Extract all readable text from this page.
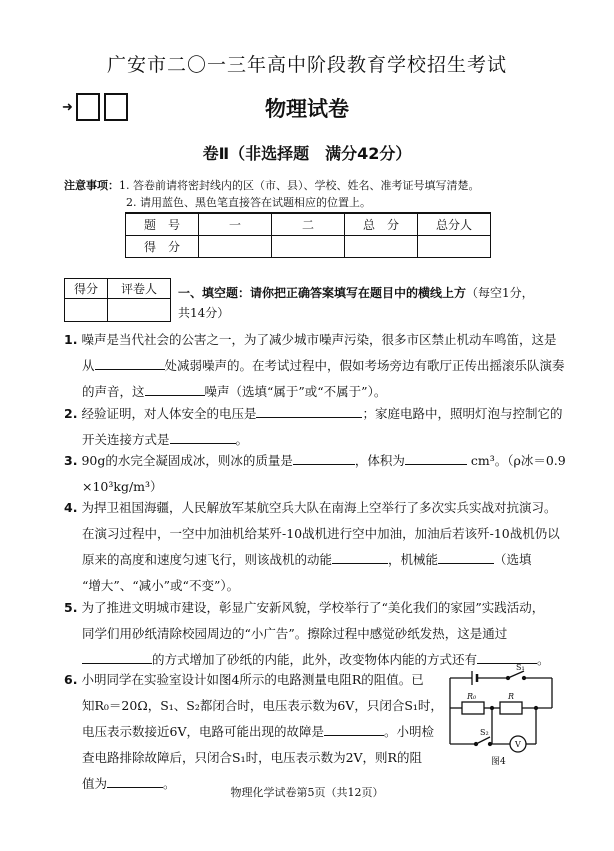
广安市二〇一三年高中阶段教育学校招生考试
➜	物理试卷
卷Ⅱ（非选择题　满分42分）
注意事项：1. 答卷前请将密封线内的区（市、县）、学校、姓名、准考证号填写清楚。
2. 请用蓝色、黑色笔直接答在试题相应的位置上。
题　号	一	二	总　分	总分人
得　分				
得分	评卷人
	一、填空题：请你把正确答案填写在题目中的横线上方（每空1分，
共14分）
1. 噪声是当代社会的公害之一，为了减少城市噪声污染，很多市区禁止机动车鸣笛，这是
从	处减弱噪声的。在考试过程中，假如考场旁边有歌厅正传出摇滚乐队演奏
的声音，这	噪声（选填“属于”或“不属于”）。
2. 经验证明，对人体安全的电压是	；家庭电路中，照明灯泡与控制它的
开关连接方式是	。
3. 90g的水完全凝固成冰，则冰的质量是	，体积为	cm³。（ρ冰＝0.9
×10³kg/m³）
4. 为捍卫祖国海疆，人民解放军某航空兵大队在南海上空举行了多次实兵实战对抗演习。
在演习过程中，一空中加油机给某歼-10战机进行空中加油，加油后若该歼-10战机仍以
原来的高度和速度匀速飞行，则该战机的动能	，机械能	（选填
“增大”、“减小”或“不变”）。
5. 为了推进文明城市建设，彰显广安新风貌，学校举行了“美化我们的家园”实践活动，
同学们用砂纸清除校园周边的“小广告”。擦除过程中感觉砂纸发热，这是通过
的方式增加了砂纸的内能，此外，改变物体内能的方式还有	。
6. 小明同学在实验室设计如图4所示的电路测量电阻R的阻值。已
知R₀＝20Ω，S₁、S₂都闭合时，电压表示数为6V，只闭合S₁时，
电压表示数接近6V，电路可能出现的故障是	。小明检
查电路排除故障后，只闭合S₁时，电压表示数为2V，则R的阻
值为	。
S₁
R₀	R
S₂
V
图4
物理化学试卷第5页（共12页）
